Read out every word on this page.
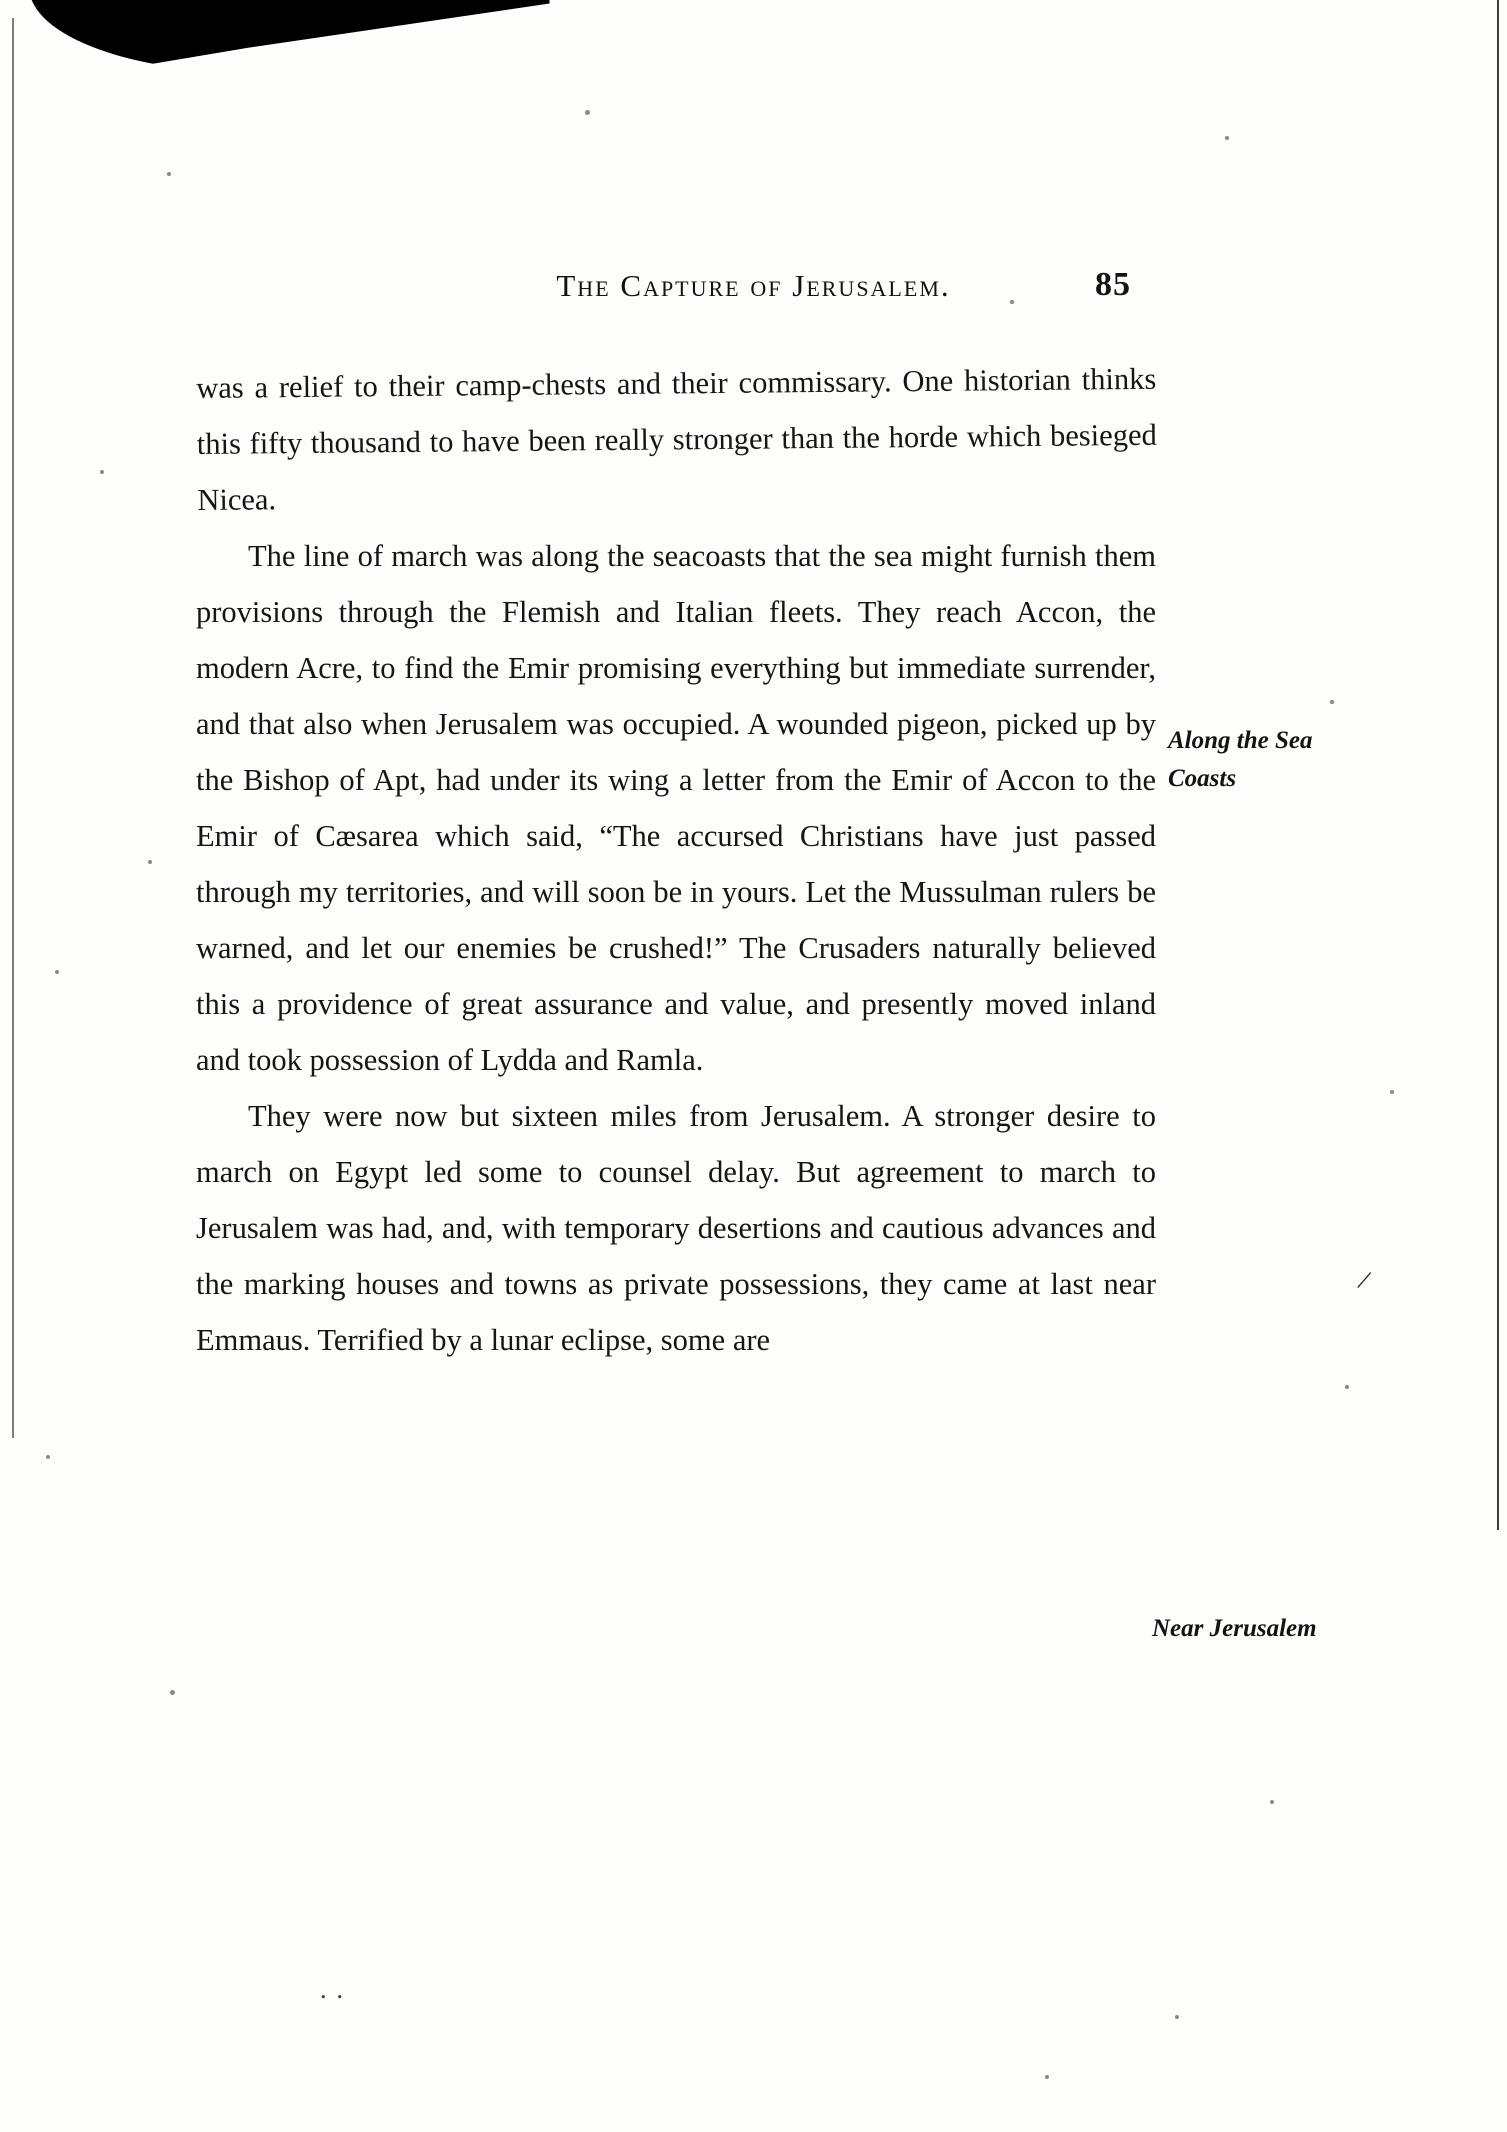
The Capture of Jerusalem.	85

was a relief to their camp-chests and their commissary. One historian thinks this fifty thousand to have been really stronger than the horde which besieged Nicea.

The line of march was along the seacoasts that the sea might furnish them provisions through the Flemish and Italian fleets. They reach Accon, the modern Acre, to find the Emir promising everything but immediate surrender, and that also when Jerusalem was occupied. A wounded pigeon, picked up by the Bishop of Apt, had under its wing a letter from the Emir of Accon to the Emir of Cæsarea which said, “The accursed Christians have just passed through my territories, and will soon be in yours. Let the Mussulman rulers be warned, and let our enemies be crushed!” The Crusaders naturally believed this a providence of great assurance and value, and presently moved inland and took possession of Lydda and Ramla.

They were now but sixteen miles from Jerusalem. A stronger desire to march on Egypt led some to counsel delay. But agreement to march to Jerusalem was had, and, with temporary desertions and cautious advances and the marking houses and towns as private possessions, they came at last near Emmaus. Terrified by a lunar eclipse, some are

Along the Sea Coasts
Near Jerusalem
/
..
